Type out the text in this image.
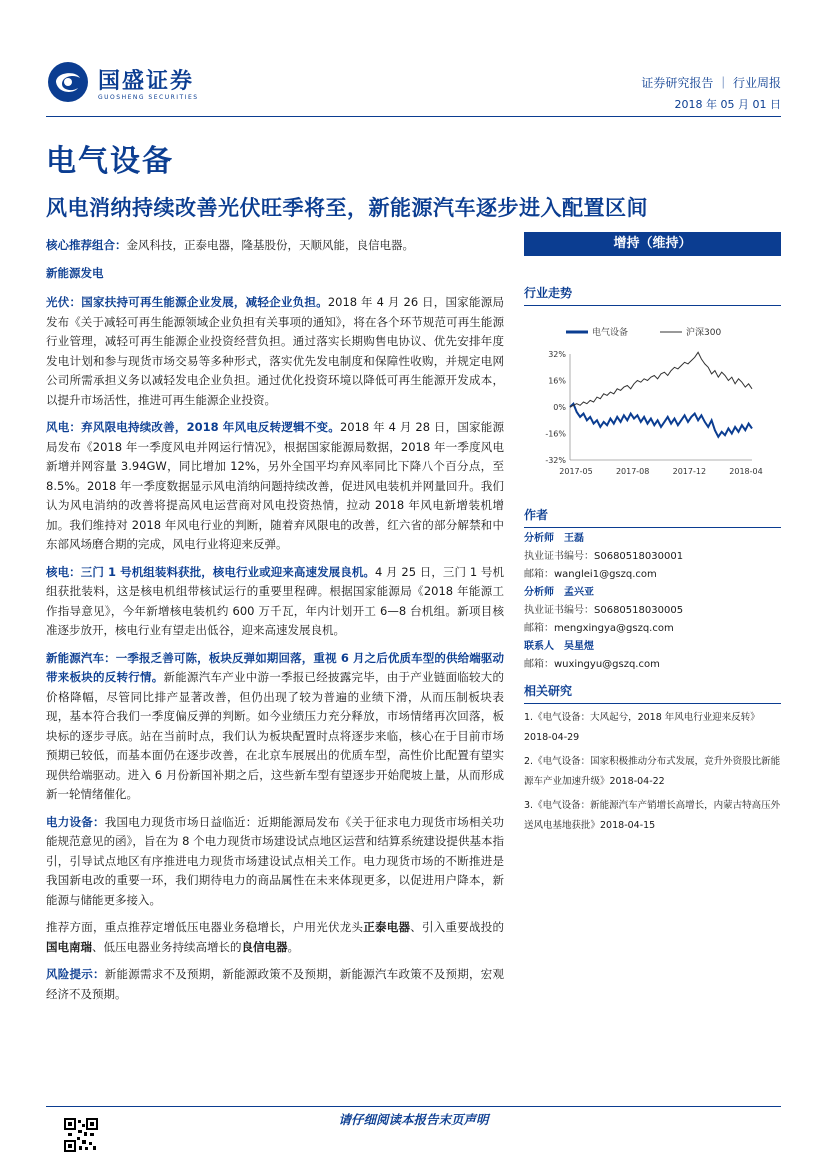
国盛证券
GUOSHENG SECURITIES
证券研究报告 ｜ 行业周报
2018 年 05 月 01 日
电气设备
风电消纳持续改善光伏旺季将至，新能源汽车逐步进入配置区间

核心推荐组合：金风科技，正泰电器，隆基股份，天顺风能，良信电器。

新能源发电

光伏：国家扶持可再生能源企业发展，减轻企业负担。2018 年 4 月 26 日，国家能源局发布《关于减轻可再生能源领域企业负担有关事项的通知》，将在各个环节规范可再生能源行业管理，减轻可再生能源企业投资经营负担。通过落实长期购售电协议、优先安排年度发电计划和参与现货市场交易等多种形式，落实优先发电制度和保障性收购，并规定电网公司所需承担义务以减轻发电企业负担。通过优化投资环境以降低可再生能源开发成本，以提升市场活性，推进可再生能源企业投资。

风电：弃风限电持续改善，2018 年风电反转逻辑不变。2018 年 4 月 28 日，国家能源局发布《2018 年一季度风电并网运行情况》，根据国家能源局数据，2018 年一季度风电新增并网容量 3.94GW，同比增加 12%，另外全国平均弃风率同比下降八个百分点，至 8.5%。2018 年一季度数据显示风电消纳问题持续改善，促进风电装机并网量回升。我们认为风电消纳的改善将提高风电运营商对风电投资热情，拉动 2018 年风电新增装机增加。我们维持对 2018 年风电行业的判断，随着弃风限电的改善，红六省的部分解禁和中东部风场磨合期的完成，风电行业将迎来反弹。

核电：三门 1 号机组装料获批，核电行业或迎来高速发展良机。4 月 25 日，三门 1 号机组获批装料，这是核电机组带核试运行的重要里程碑。根据国家能源局《2018 年能源工作指导意见》，今年新增核电装机约 600 万千瓦，年内计划开工 6—8 台机组。新项目核准逐步放开，核电行业有望走出低谷，迎来高速发展良机。

新能源汽车：一季报乏善可陈，板块反弹如期回落，重视 6 月之后优质车型的供给端驱动带来板块的反转行情。新能源汽车产业中游一季报已经披露完毕，由于产业链面临较大的价格降幅，尽管同比排产显著改善，但仍出现了较为普遍的业绩下滑，从而压制板块表现，基本符合我们一季度偏反弹的判断。如今业绩压力充分释放，市场情绪再次回落，板块标的逐步寻底。站在当前时点，我们认为板块配置时点将逐步来临，核心在于目前市场预期已较低，而基本面仍在逐步改善，在北京车展展出的优质车型，高性价比配置有望实现供给端驱动。进入 6 月份新国补期之后，这些新车型有望逐步开始爬坡上量，从而形成新一轮情绪催化。

电力设备：我国电力现货市场日益临近：近期能源局发布《关于征求电力现货市场相关功能规范意见的函》，旨在为 8 个电力现货市场建设试点地区运营和结算系统建设提供基本指引，引导试点地区有序推进电力现货市场建设试点相关工作。电力现货市场的不断推进是我国新电改的重要一环，我们期待电力的商品属性在未来体现更多，以促进用户降本，新能源与储能更多接入。

推荐方面，重点推荐定增低压电器业务稳增长，户用光伏龙头正泰电器、引入重要战投的国电南瑞、低压电器业务持续高增长的良信电器。

风险提示：新能源需求不及预期，新能源政策不及预期，新能源汽车政策不及预期，宏观经济不及预期。

增持（维持）
行业走势
32%
16%
0%
-16%
-32%
2017-05	2017-08	2017-12	2018-04
电气设备	沪深300
作者
分析师 王磊
执业证书编号：S0680518030001
邮箱：wanglei1@gszq.com
分析师 孟兴亚
执业证书编号：S0680518030005
邮箱：mengxingya@gszq.com
联系人 吴星煜
邮箱：wuxingyu@gszq.com
相关研究
1.《电气设备：大风起兮，2018 年风电行业迎来反转》2018-04-29
2.《电气设备：国家积极推动分布式发展，竞升外资股比新能源车产业加速升级》2018-04-22
3.《电气设备：新能源汽车产销增长高增长，内蒙古特高压外送风电基地获批》2018-04-15
请仔细阅读本报告末页声明
